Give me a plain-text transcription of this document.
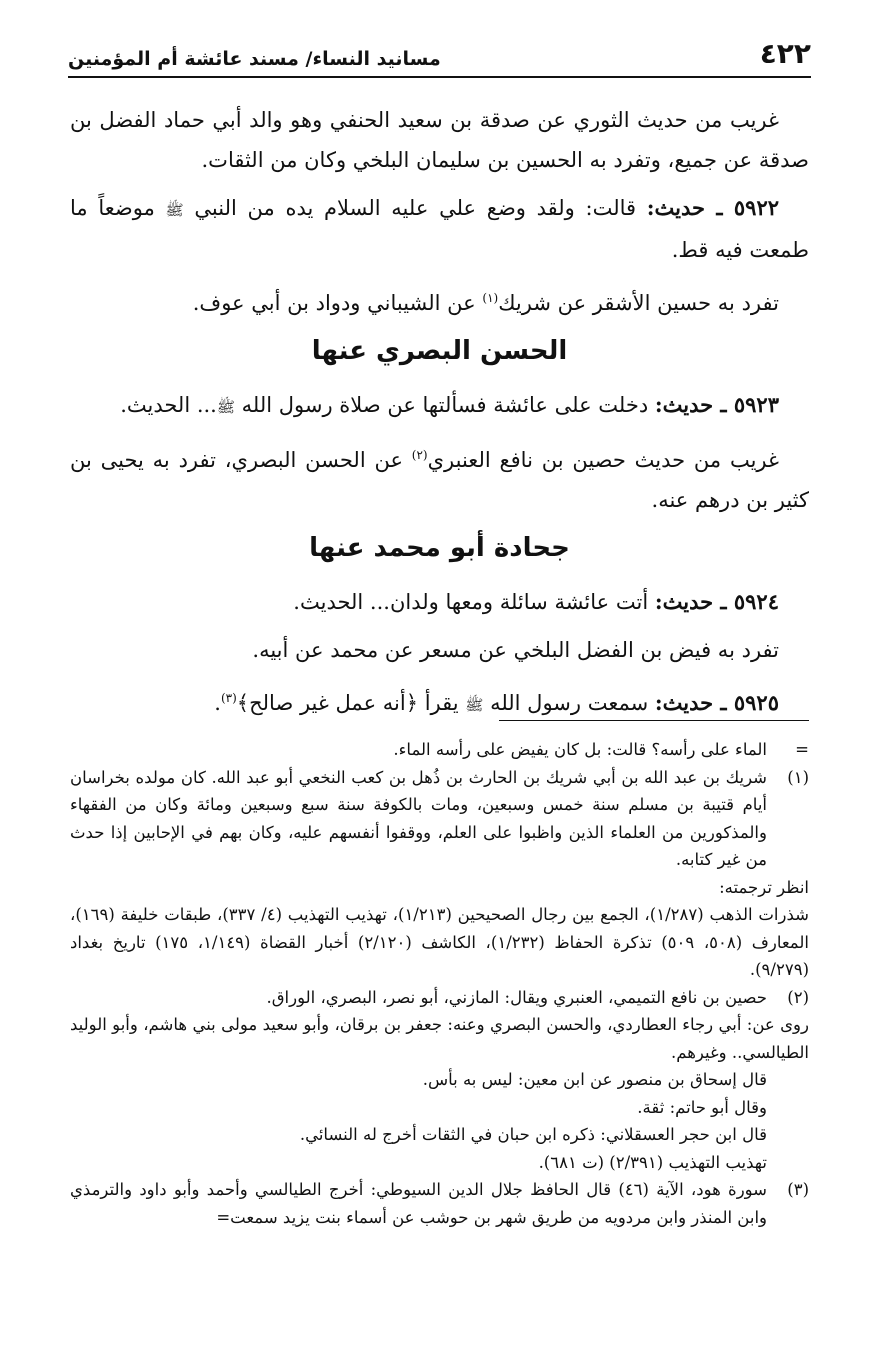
٤٢٢
مسانيد النساء/ مسند عائشة أم المؤمنين

غريب من حديث الثوري عن صدقة بن سعيد الحنفي وهو والد أبي حماد الفضل بن صدقة عن جميع، وتفرد به الحسين بن سليمان البلخي وكان من الثقات.

٥٩٢٢ ـ حديث: قالت: ولقد وضع علي عليه السلام يده من النبي ﷺ موضعاً ما طمعت فيه قط.

تفرد به حسين الأشقر عن شريك$^{(١)}$ عن الشيباني ودواد بن أبي عوف.

الحسن البصري عنها

٥٩٢٣ ـ حديث: دخلت على عائشة فسألتها عن صلاة رسول الله ﷺ... الحديث.

غريب من حديث حصين بن نافع العنبري$^{(٢)}$ عن الحسن البصري، تفرد به يحيى بن كثير بن درهم عنه.

جحادة أبو محمد عنها

٥٩٢٤ ـ حديث: أتت عائشة سائلة ومعها ولدان... الحديث.

تفرد به فيض بن الفضل البلخي عن مسعر عن محمد عن أبيه.

٥٩٢٥ ـ حديث: سمعت رسول الله ﷺ يقرأ ﴿أنه عمل غير صالح﴾$^{(٣)}$.

=
الماء على رأسه؟ قالت: بل كان يفيض على رأسه الماء.
(١)
شريك بن عبد الله بن أبي شريك بن الحارث بن ذُهل بن كعب النخعي أبو عبد الله. كان مولده بخراسان أيام قتيبة بن مسلم سنة خمس وسبعين، ومات بالكوفة سنة سبع وسبعين ومائة وكان من الفقهاء والمذكورين من العلماء الذين واظبوا على العلم، ووقفوا أنفسهم عليه، وكان بهم في الإحابين إذا حدث من غير كتابه.
انظر ترجمته:
شذرات الذهب (١/٢٨٧)، الجمع بين رجال الصحيحين (١/٢١٣)، تهذيب التهذيب (٤/ ٣٣٧)، طبقات خليفة (١٦٩)، المعارف (٥٠٨، ٥٠٩) تذكرة الحفاظ (١/٢٣٢)، الكاشف (٢/١٢٠) أخبار القضاة (١/١٤٩، ١٧٥) تاريخ بغداد (٩/٢٧٩).
(٢)
حصين بن نافع التميمي، العنبري ويقال: المازني، أبو نصر، البصري، الوراق.
روى عن: أبي رجاء العطاردي، والحسن البصري وعنه: جعفر بن برقان، وأبو سعيد مولى بني هاشم، وأبو الوليد الطيالسي.. وغيرهم.
قال إسحاق بن منصور عن ابن معين: ليس به بأس.
وقال أبو حاتم: ثقة.
قال ابن حجر العسقلاني: ذكره ابن حبان في الثقات أخرج له النسائي.
تهذيب التهذيب (٢/٣٩١) (ت ٦٨١).
(٣)
سورة هود، الآية (٤٦) قال الحافظ جلال الدين السيوطي: أخرج الطيالسي وأحمد وأبو داود والترمذي وابن المنذر وابن مردويه من طريق شهر بن حوشب عن أسماء بنت يزيد سمعت=
